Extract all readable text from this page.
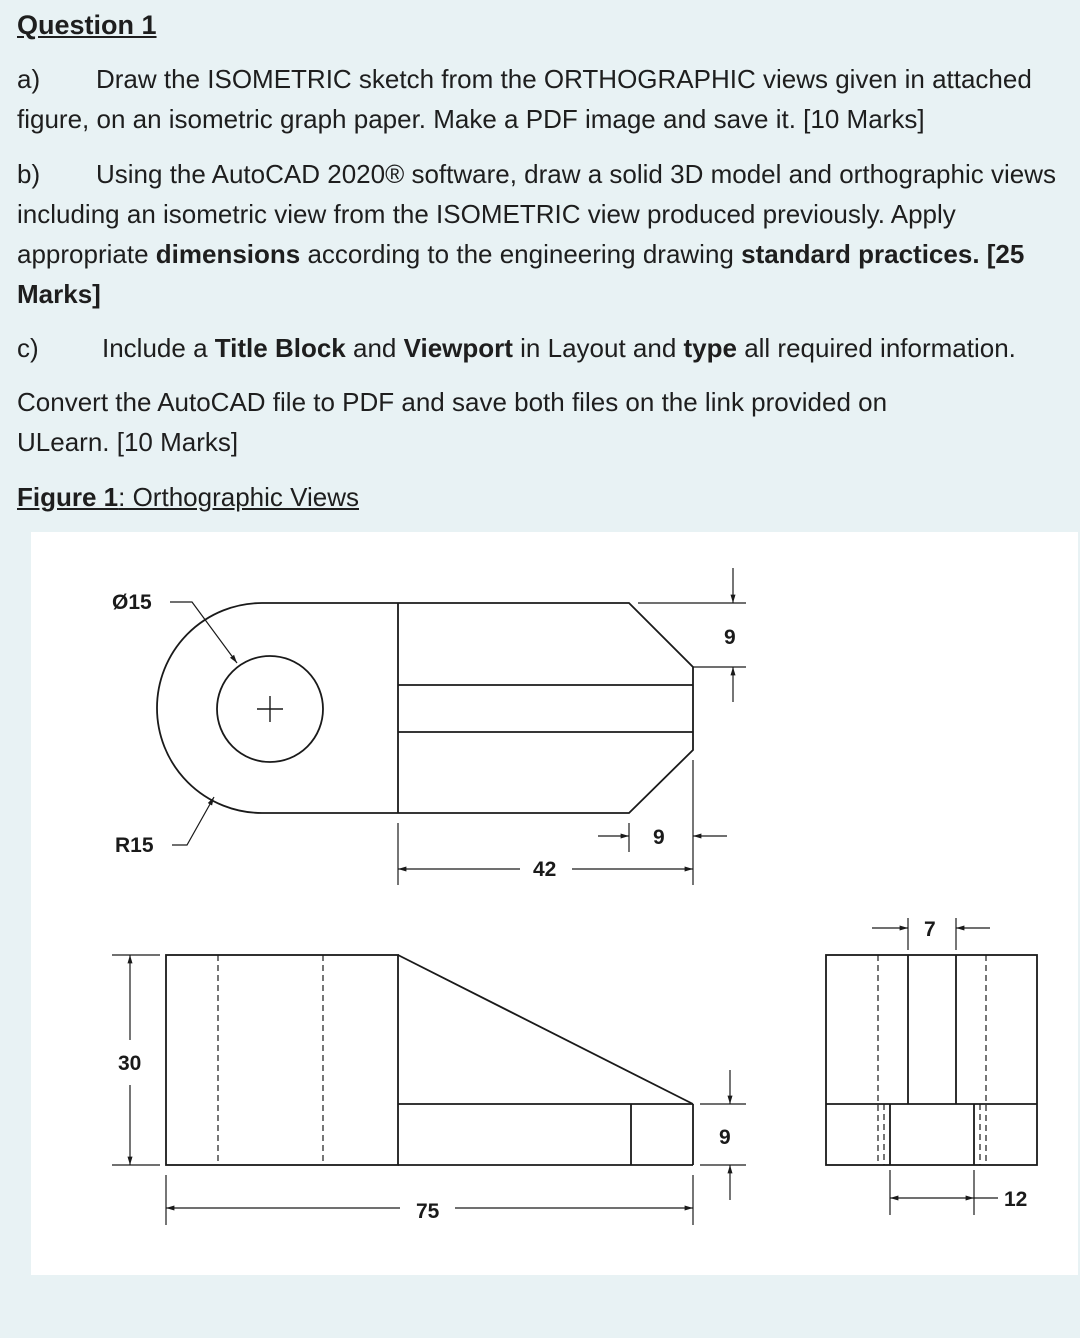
Question 1
a) Draw the ISOMETRIC sketch from the ORTHOGRAPHIC views given in attached figure, on an isometric graph paper. Make a PDF image and save it. [10 Marks]
b) Using the AutoCAD 2020® software, draw a solid 3D model and orthographic views including an isometric view from the ISOMETRIC view produced previously. Apply appropriate dimensions according to the engineering drawing standard practices. [25 Marks]
c) Include a Title Block and Viewport in Layout and type all required information.
Convert the AutoCAD file to PDF and save both files on the link provided on ULearn. [10 Marks]
Figure 1: Orthographic Views
Ø15
R15
42
9
9
30
75
9
7
12
